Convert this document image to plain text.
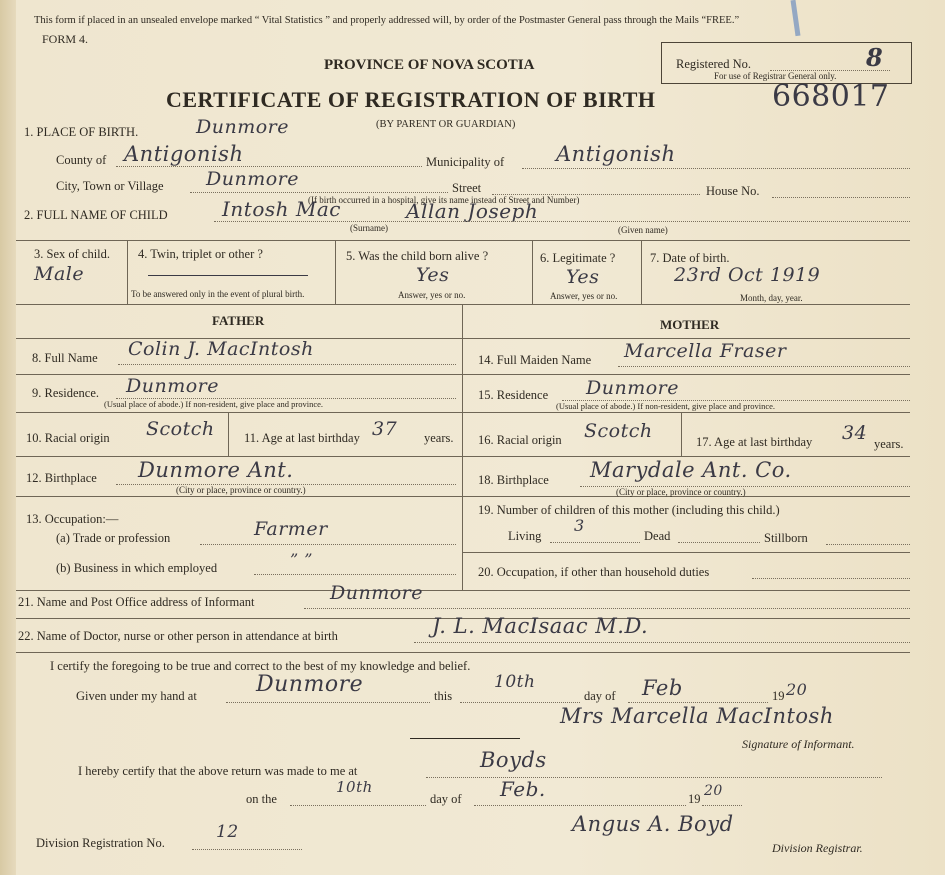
This form if placed in an unsealed envelope marked “ Vital Statistics ” and properly addressed will, by order of the Postmaster General pass through the Mails “FREE.”
FORM 4.
PROVINCE OF NOVA SCOTIA	Registered No.	8
For use of Registrar General only.
CERTIFICATE OF REGISTRATION OF BIRTH	668017
(BY PARENT OR GUARDIAN)
1. PLACE OF BIRTH.	Dunmore
County of Antigonish	Municipality of Antigonish
City, Town or Village Dunmore	Street	House No.
(If birth occurred in a hospital, give its name instead of Street and Number)
2. FULL NAME OF CHILD	Intosh Mac	Allan Joseph
(Surname)	(Given name)
3. Sex of child.
Male
4. Twin, triplet or other ?
To be answered only in the event of plural birth.
5. Was the child born alive ?
Yes
Answer, yes or no.
6. Legitimate ?
Yes
Answer, yes or no.
7. Date of birth.
23rd Oct 1919
Month, day, year.
FATHER	MOTHER
8. Full Name Colin J. MacIntosh
9. Residence. Dunmore
(Usual place of abode.) If non-resident, give place and province.
10. Racial origin Scotch 11. Age at last birthday 37 years.
12. Birthplace Dunmore Ant.
(City or place, province or country.)
13. Occupation:—
(a) Trade or profession	Farmer
(b) Business in which employed	” ”
14. Full Maiden Name Marcella Fraser
15. Residence Dunmore
(Usual place of abode.) If non-resident, give place and province.
16. Racial origin Scotch	17. Age at last birthday 34 years.
18. Birthplace Marydale Ant. Co.
(City or place, province or country.)
19. Number of children of this mother (including this child.)
Living
3
Dead	Stillborn
20. Occupation, if other than household duties
21. Name and Post Office address of Informant	Dunmore
22. Name of Doctor, nurse or other person in attendance at birth	J. L. MacIsaac M.D.
I certify the foregoing to be true and correct to the best of my knowledge and belief.
Given under my hand at	Dunmore	this
10th
day of Feb	19 20
Mrs Marcella MacIntosh
Signature of Informant.
I hereby certify that the above return was made to me at	Boyds
on the
10th
day of Feb.	19 20
Division Registration No.
12	Angus A. Boyd
Division Registrar.
